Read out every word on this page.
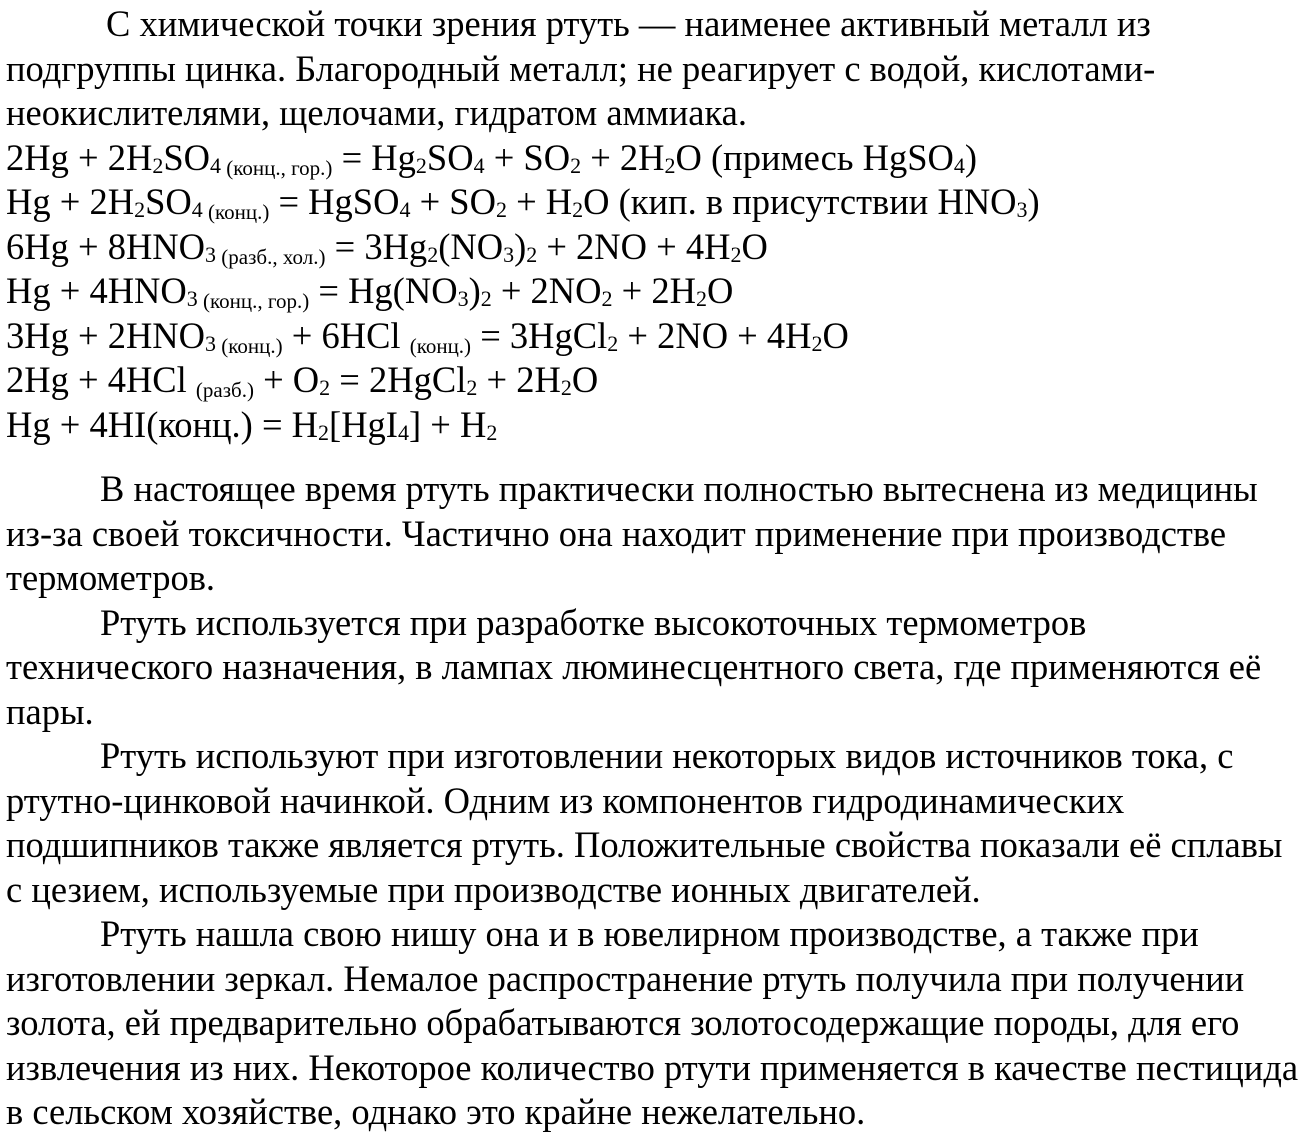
С химической точки зрения ртуть — наименее активный металл из подгруппы цинка. Благородный металл; не реагирует с водой, кислотами-неокислителями, щелочами, гидратом аммиака.

$2Hg + 2H_2SO_4$ (конц., $гор.) = Hg_2SO_4 + SO_2 + 2H_2O$ (примесь HgSO$_4$)
$Hg + 2H_2SO_4$ (конц.) = HgSO$_4$ + $SO_2 + H_2O$ (кип. в присутствии $HNO_3$)
$6Hg + 8HNO_3$ (разб., $хол.) = 3Hg_2(NO_3)_2 + 2NO + 4H_2O$
$Hg + 4HNO_3$ (конц., $гор.) = Hg(NO_3)_2 + 2NO_2 + 2H_2O$
$3Hg + 2HNO_3$ (конц.) + 6HCl (конц.) = 3HgCl$_2$ + $2NO + 4H_2O$
2Hg + 4HCl (разб.) + $O_2$ = 2HgCl$_2$ + $2H_2O$
Hg + 4HI(конц.) = $H_2[HgI_4] + H_2$

В настоящее время ртуть практически полностью вытеснена из медицины из-за своей токсичности. Частично она находит применение при производстве термометров.

Ртуть используется при разработке высокоточных термометров технического назначения, в лампах люминесцентного света, где применяются её пары.

Ртуть используют при изготовлении некоторых видов источников тока, с ртутно-цинковой начинкой. Одним из компонентов гидродинамических подшипников также является ртуть. Положительные свойства показали её сплавы с цезием, используемые при производстве ионных двигателей.

Ртуть нашла свою нишу она и в ювелирном производстве, а также при изготовлении зеркал. Немалое распространение ртуть получила при получении золота, ей предварительно обрабатываются золотосодержащие породы, для его извлечения из них. Некоторое количество ртути применяется в качестве пестицида в сельском хозяйстве, однако это крайне нежелательно.
